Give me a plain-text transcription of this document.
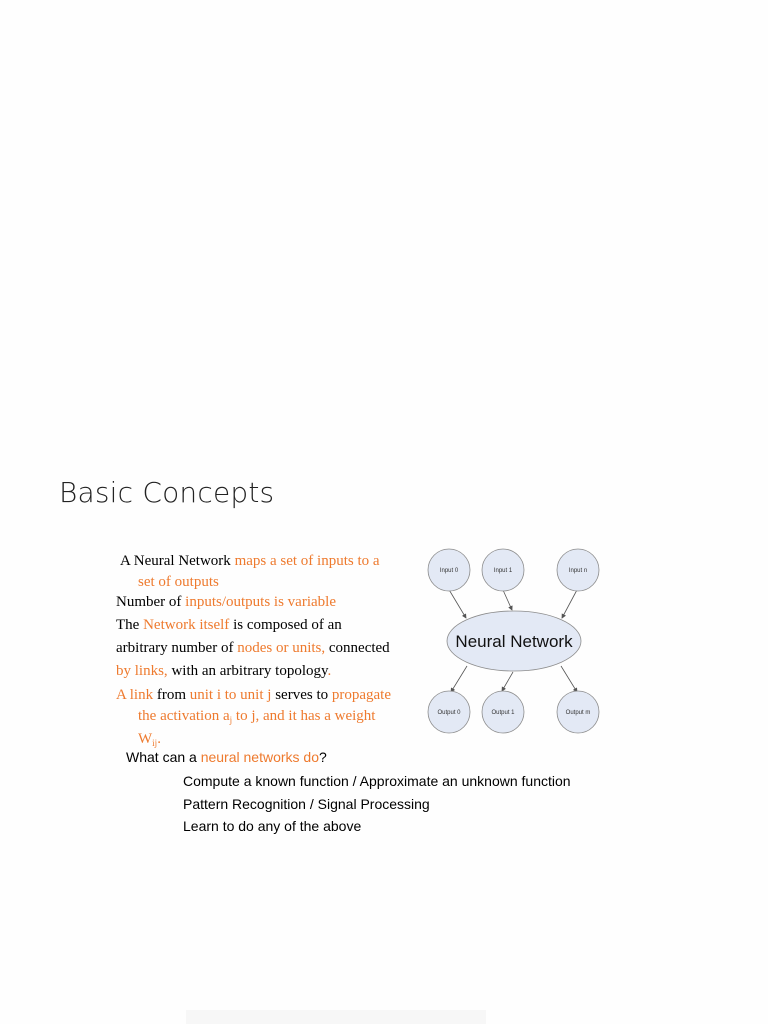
Basic Concepts
A Neural Network maps a set of inputs to a
set of outputs
Number of inputs/outputs is variable
The Network itself is composed of an
arbitrary number of nodes or units, connected
by links, with an arbitrary topology.
A link from unit i to unit j serves to propagate
the activation $a_j$ to j, and it has a weight
$W_{ij}$.
What can a neural networks do?
Compute a known function / Approximate an unknown function
Pattern Recognition / Signal Processing
Learn to do any of the above
Input 0	Input 1	Input n
Neural Network
Output 0	Output 1	Output m
